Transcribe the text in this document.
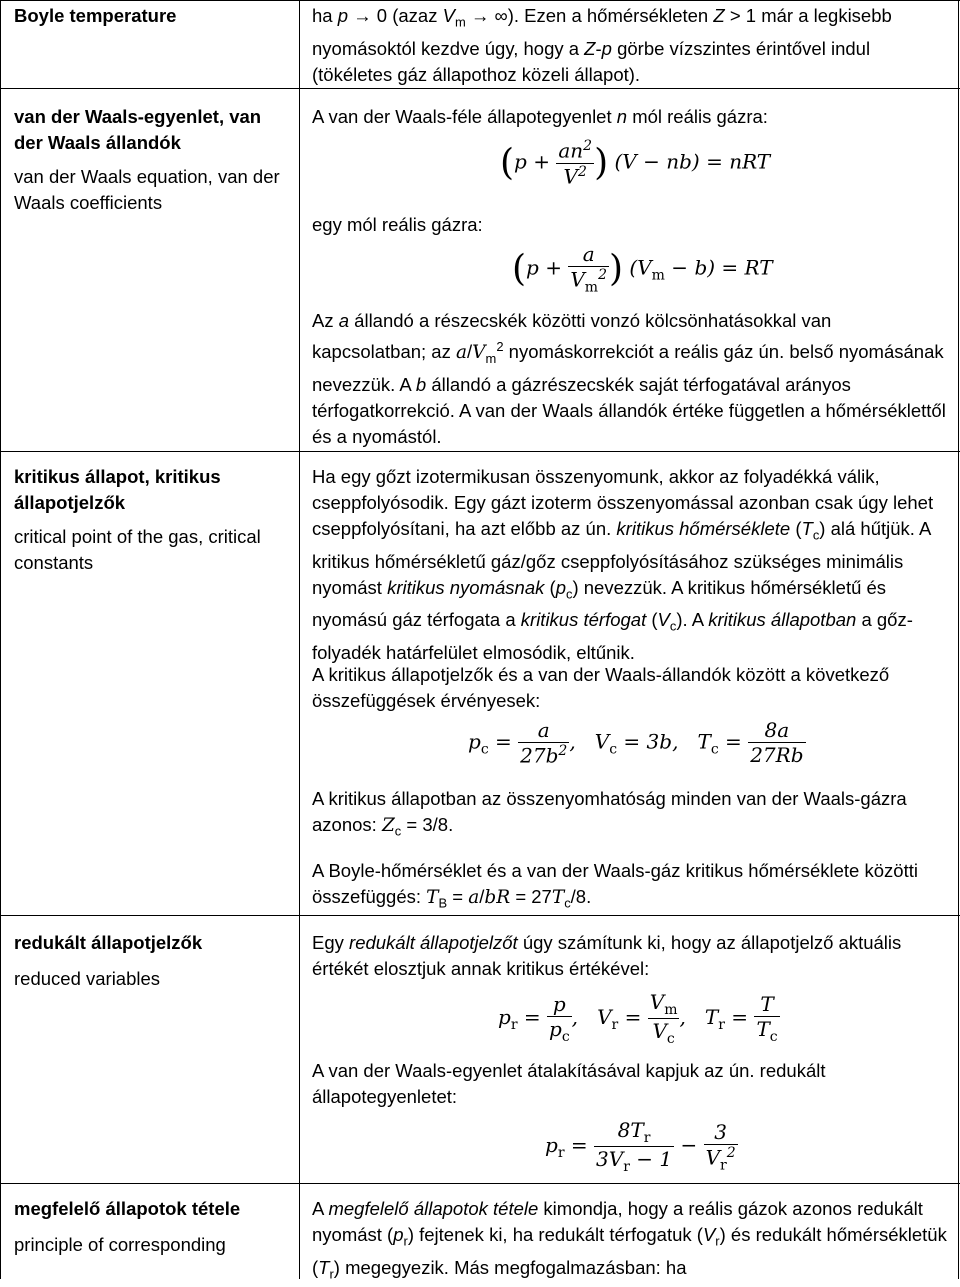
Boyle temperature

van der Waals-egyenlet, van der Waals állandók

van der Waals equation, van der Waals coefficients

kritikus állapot, kritikus állapotjelzők

critical point of the gas, critical constants

redukált állapotjelzők

reduced variables

megfelelő állapotok tétele

principle of corresponding

ha p → 0 (azaz $V_m$ → ∞). Ezen a hőmérsékleten Z > 1 már a legkisebb nyomásoktól kezdve úgy, hogy a Z-p görbe vízszintes érintővel indul (tökéletes gáz állapothoz közeli állapot).

A van der Waals-féle állapotegyenlet n mól reális gázra:

($p + \frac{an^2}{V^2}$ ) (V − nb) = nRT

egy mól reális gázra:

($p + \frac{a}{V_m^2}$ ) $(V_m - b)$ = RT

Az a állandó a részecskék közötti vonzó kölcsönhatásokkal van kapcsolatban; az $a/V_m^2$ nyomáskorrekciót a reális gáz ún. belső nyomásának nevezzük. A b állandó a gázrészecskék saját térfogatával arányos térfogatkorrekció. A van der Waals állandók értéke független a hőmérséklettől és a nyomástól.

Ha egy gőzt izotermikusan összenyomunk, akkor az folyadékká válik, cseppfolyósodik. Egy gázt izoterm összenyomással azonban csak úgy lehet cseppfolyósítani, ha azt előbb az ún. kritikus hőmérséklete $(T_c)$ alá hűtjük. A kritikus hőmérsékletű gáz/gőz cseppfolyósításához szükséges minimális nyomást kritikus nyomásnak $(p_c)$ nevezzük. A kritikus hőmérsékletű és nyomású gáz térfogata a kritikus térfogat $(V_c)$. A kritikus állapotban a gőz-folyadék határfelület elmosódik, eltűnik.

A kritikus állapotjelzők és a van der Waals-állandók között a következő összefüggések érvényesek:

$p_c = \frac{a}{27b^2}$ ,   $V_c = 3b$,   $T_c = \frac{8a}{27Rb}$

A kritikus állapotban az összenyomhatóság minden van der Waals-gázra azonos: $Z_c = 3/8$.

A Boyle-hőmérséklet és a van der Waals-gáz kritikus hőmérséklete közötti összefüggés: $T_B = a/bR = 27T_c/8$.

Egy redukált állapotjelzőt úgy számítunk ki, hogy az állapotjelző aktuális értékét elosztjuk annak kritikus értékével:

$p_r = \frac{p}{p_c}$ ,   $V_r = \frac{V_m}{V_c}$ ,   $T_r = \frac{T}{T_c}$

A van der Waals-egyenlet átalakításával kapjuk az ún. redukált állapotegyenletet:

$p_r = \frac{8T_r}{3V_r - 1} - \frac{3}{V_r^2}$

A megfelelő állapotok tétele kimondja, hogy a reális gázok azonos redukált nyomást $(p_r)$ fejtenek ki, ha redukált térfogatuk $(V_r)$ és redukált hőmérsékletük $(T_r)$ megegyezik. Más megfogalmazásban: ha
